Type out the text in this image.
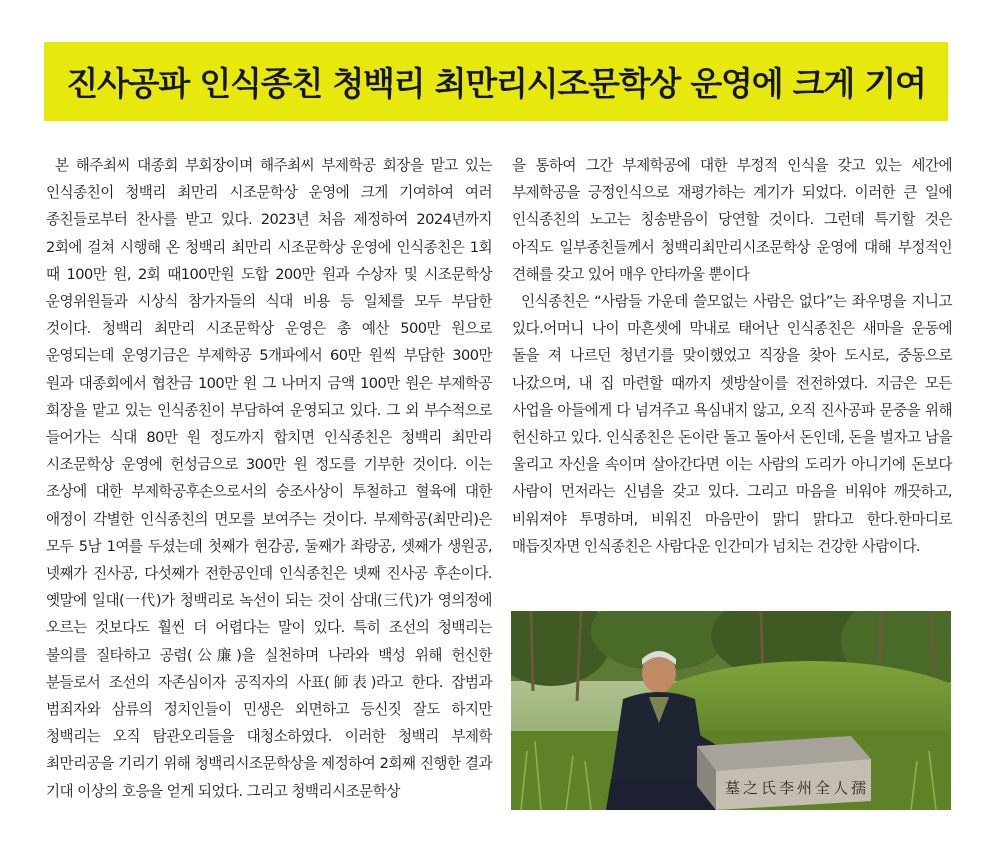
진사공파 인식종친 청백리 최만리시조문학상 운영에 크게 기여

본 해주최씨 대종회 부회장이며 해주최씨 부제학공 회장을 맡고 있는 인식종친이 청백리 최만리 시조문학상 운영에 크게 기여하여 여러 종친들로부터 찬사를 받고 있다. 2023년 처음 제정하여 2024년까지 2회에 걸쳐 시행해 온 청백리 최만리 시조문학상 운영에 인식종친은 1회 때 100만 원, 2회 때100만원 도합 200만 원과 수상자 및 시조문학상 운영위원들과 시상식 참가자들의 식대 비용 등 일체를 모두 부담한 것이다. 청백리 최만리 시조문학상 운영은 총 예산 500만 원으로 운영되는데 운영기금은 부제학공 5개파에서 60만 원씩 부담한 300만 원과 대종회에서 협찬금 100만 원 그 나머지 금액 100만 원은 부제학공 회장을 맡고 있는 인식종친이 부담하여 운영되고 있다. 그 외 부수적으로 들어가는 식대 80만 원 정도까지 합치면 인식종친은 청백리 최만리 시조문학상 운영에 헌성금으로 300만 원 정도를 기부한 것이다. 이는 조상에 대한 부제학공후손으로서의 숭조사상이 투철하고 혈육에 대한 애정이 각별한 인식종친의 면모를 보여주는 것이다. 부제학공(최만리)은 모두 5남 1여를 두셨는데 첫째가 현감공, 둘째가 좌랑공, 셋째가 생원공, 넷째가 진사공, 다섯째가 전한공인데 인식종친은 넷째 진사공 후손이다. 옛말에 일대(一代)가 청백리로 녹선이 되는 것이 삼대(三代)가 영의정에 오르는 것보다도 훨씬 더 어렵다는 말이 있다. 특히 조선의 청백리는 불의를 질타하고 공렴(公廉)을 실천하며 나라와 백성 위해 헌신한 분들로서 조선의 자존심이자 공직자의 사표(師表)라고 한다. 잡범과 범죄자와 삼류의 정치인들이 민생은 외면하고 등신짓 잘도 하지만 청백리는 오직 탐관오리들을 대청소하였다. 이러한 청백리 부제학 최만리공을 기리기 위해 청백리시조문학상을 제정하여 2회째 진행한 결과 기대 이상의 호응을 얻게 되었다. 그리고 청백리시조문학상

을 통하여 그간 부제학공에 대한 부정적 인식을 갖고 있는 세간에 부제학공을 긍정인식으로 재평가하는 계기가 되었다. 이러한 큰 일에 인식종친의 노고는 칭송받음이 당연할 것이다. 그런데 특기할 것은 아직도 일부종친들께서 청백리최만리시조문학상 운영에 대해 부정적인 견해를 갖고 있어 매우 안타까울 뿐이다

인식종친은 “사람들 가운데 쓸모없는 사람은 없다”는 좌우명을 지니고 있다.어머니 나이 마흔셋에 막내로 태어난 인식종친은 새마을 운동에 돌을 져 나르던 청년기를 맞이했었고 직장을 찾아 도시로, 중동으로 나갔으며, 내 집 마련할 때까지 셋방살이를 전전하였다. 지금은 모든 사업을 아들에게 다 넘겨주고 욕심내지 않고, 오직 진사공파 문중을 위해 헌신하고 있다. 인식종친은 돈이란 돌고 돌아서 돈인데, 돈을 벌자고 남을 울리고 자신을 속이며 살아간다면 이는 사람의 도리가 아니기에 돈보다 사람이 먼저라는 신념을 갖고 있다. 그리고 마음을 비워야 깨끗하고, 비워져야 투명하며, 비워진 마음만이 맑디 맑다고 한다.한마디로 매듭짓자면 인식종친은 사람다운 인간미가 넘치는 건강한 사람이다.

墓之氏李州全人孺
